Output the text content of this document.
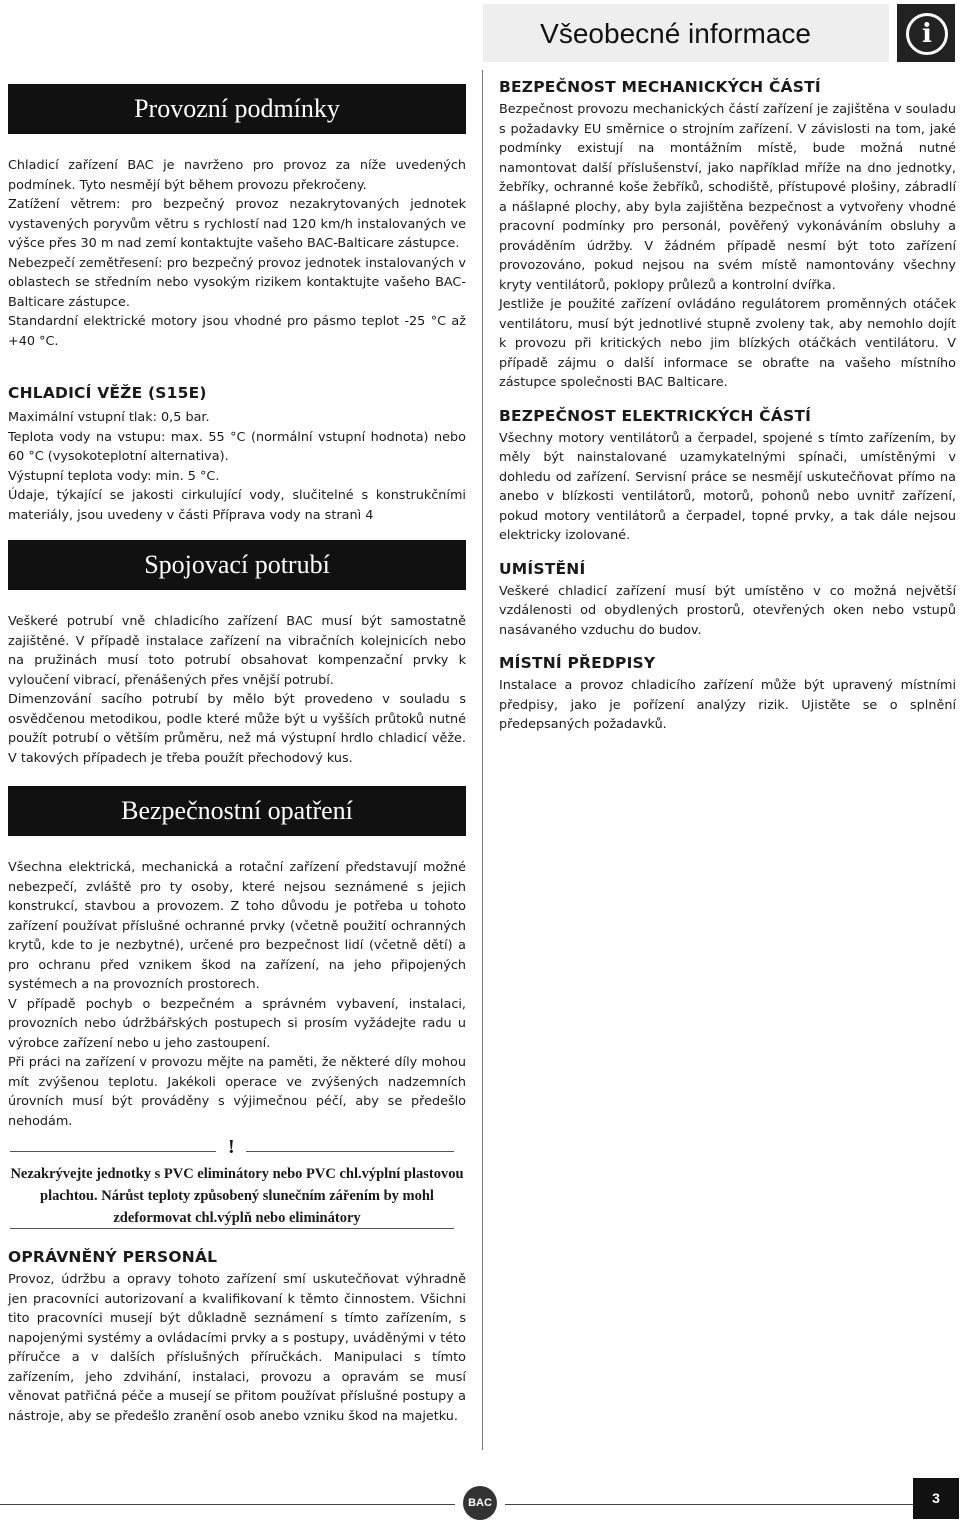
Všeobecné informace	i
Provozní podmínky

Chladicí zařízení BAC je navrženo pro provoz za níže uvedených podmínek. Tyto nesmějí být během provozu překročeny.

Zatížení větrem: pro bezpečný provoz nezakrytovaných jednotek vystavených poryvům větru s rychlostí nad 120 km/h instalovaných ve výšce přes 30 m nad zemí kontaktujte vašeho BAC-Balticare zástupce.

Nebezpečí zemětřesení: pro bezpečný provoz jednotek instalovaných v oblastech se středním nebo vysokým rizikem kontaktujte vašeho BAC-Balticare zástupce.

Standardní elektrické motory jsou vhodné pro pásmo teplot -25 °C až +40 °C.

CHLADICÍ VĚŽE (S15E)

Maximální vstupní tlak: 0,5 bar.

Teplota vody na vstupu: max. 55 °C (normální vstupní hodnota) nebo 60 °C (vysokoteplotní alternativa).

Výstupní teplota vody: min. 5 °C.

Údaje, týkající se jakosti cirkulující vody, slučitelné s konstrukčními materiály, jsou uvedeny v části Příprava vody na stranì 4

Spojovací potrubí

Veškeré potrubí vně chladicího zařízení BAC musí být samostatně zajištěné. V případě instalace zařízení na vibračních kolejnicích nebo na pružinách musí toto potrubí obsahovat kompenzační prvky k vyloučení vibrací, přenášených přes vnější potrubí.

Dimenzování sacího potrubí by mělo být provedeno v souladu s osvědčenou metodikou, podle které může být u vyšších průtoků nutné použít potrubí o větším průměru, než má výstupní hrdlo chladicí věže. V takových případech je třeba použít přechodový kus.

Bezpečnostní opatření

Všechna elektrická, mechanická a rotační zařízení představují možné nebezpečí, zvláště pro ty osoby, které nejsou seznámené s jejich konstrukcí, stavbou a provozem. Z toho důvodu je potřeba u tohoto zařízení používat příslušné ochranné prvky (včetně použití ochranných krytů, kde to je nezbytné), určené pro bezpečnost lidí (včetně dětí) a pro ochranu před vznikem škod na zařízení, na jeho připojených systémech a na provozních prostorech.

V případě pochyb o bezpečném a správném vybavení, instalaci, provozních nebo údržbářských postupech si prosím vyžádejte radu u výrobce zařízení nebo u jeho zastoupení.

Při práci na zařízení v provozu mějte na paměti, že některé díly mohou mít zvýšenou teplotu. Jakékoli operace ve zvýšených nadzemních úrovních musí být prováděny s výjimečnou péčí, aby se předešlo nehodám.

!
Nezakrývejte jednotky s PVC eliminátory nebo PVC chl.výplní plastovou plachtou. Nárůst teploty způsobený slunečním zářením by mohl zdeformovat chl.výplň nebo eliminátory

OPRÁVNĚNÝ PERSONÁL

Provoz, údržbu a opravy tohoto zařízení smí uskutečňovat výhradně jen pracovníci autorizovaní a kvalifikovaní k těmto činnostem. Všichni tito pracovníci musejí být důkladně seznámení s tímto zařízením, s napojenými systémy a ovládacími prvky a s postupy, uváděnými v této příručce a v dalších příslušných příručkách. Manipulaci s tímto zařízením, jeho zdvihání, instalaci, provozu a opravám se musí věnovat patřičná péče a musejí se přitom používat příslušné postupy a nástroje, aby se předešlo zranění osob anebo vzniku škod na majetku.

BEZPEČNOST MECHANICKÝCH ČÁSTÍ

Bezpečnost provozu mechanických částí zařízení je zajištěna v souladu s požadavky EU směrnice o strojním zařízení. V závislosti na tom, jaké podmínky existují na montážním místě, bude možná nutné namontovat další příslušenství, jako například mříže na dno jednotky, žebříky, ochranné koše žebříků, schodiště, přístupové plošiny, zábradlí a nášlapné plochy, aby byla zajištěna bezpečnost a vytvořeny vhodné pracovní podmínky pro personál, pověřený vykonáváním obsluhy a prováděním údržby. V žádném případě nesmí být toto zařízení provozováno, pokud nejsou na svém místě namontovány všechny kryty ventilátorů, poklopy průlezů a kontrolní dvířka.

Jestliže je použité zařízení ovládáno regulátorem proměnných otáček ventilátoru, musí být jednotlivé stupně zvoleny tak, aby nemohlo dojít k provozu při kritických nebo jim blízkých otáčkách ventilátoru. V případě zájmu o další informace se obraťte na vašeho místního zástupce společnosti BAC Balticare.

BEZPEČNOST ELEKTRICKÝCH ČÁSTÍ

Všechny motory ventilátorů a čerpadel, spojené s tímto zařízením, by měly být nainstalované uzamykatelnými spínači, umístěnými v dohledu od zařízení. Servisní práce se nesmějí uskutečňovat přímo na anebo v blízkosti ventilátorů, motorů, pohonů nebo uvnitř zařízení, pokud motory ventilátorů a čerpadel, topné prvky, a tak dále nejsou elektricky izolované.

UMÍSTĚNÍ

Veškeré chladicí zařízení musí být umístěno v co možná největší vzdálenosti od obydlených prostorů, otevřených oken nebo vstupů nasávaného vzduchu do budov.

MÍSTNÍ PŘEDPISY

Instalace a provoz chladicího zařízení může být upravený místními předpisy, jako je pořízení analýzy rizik. Ujistěte se o splnění předepsaných požadavků.

BAC	3
